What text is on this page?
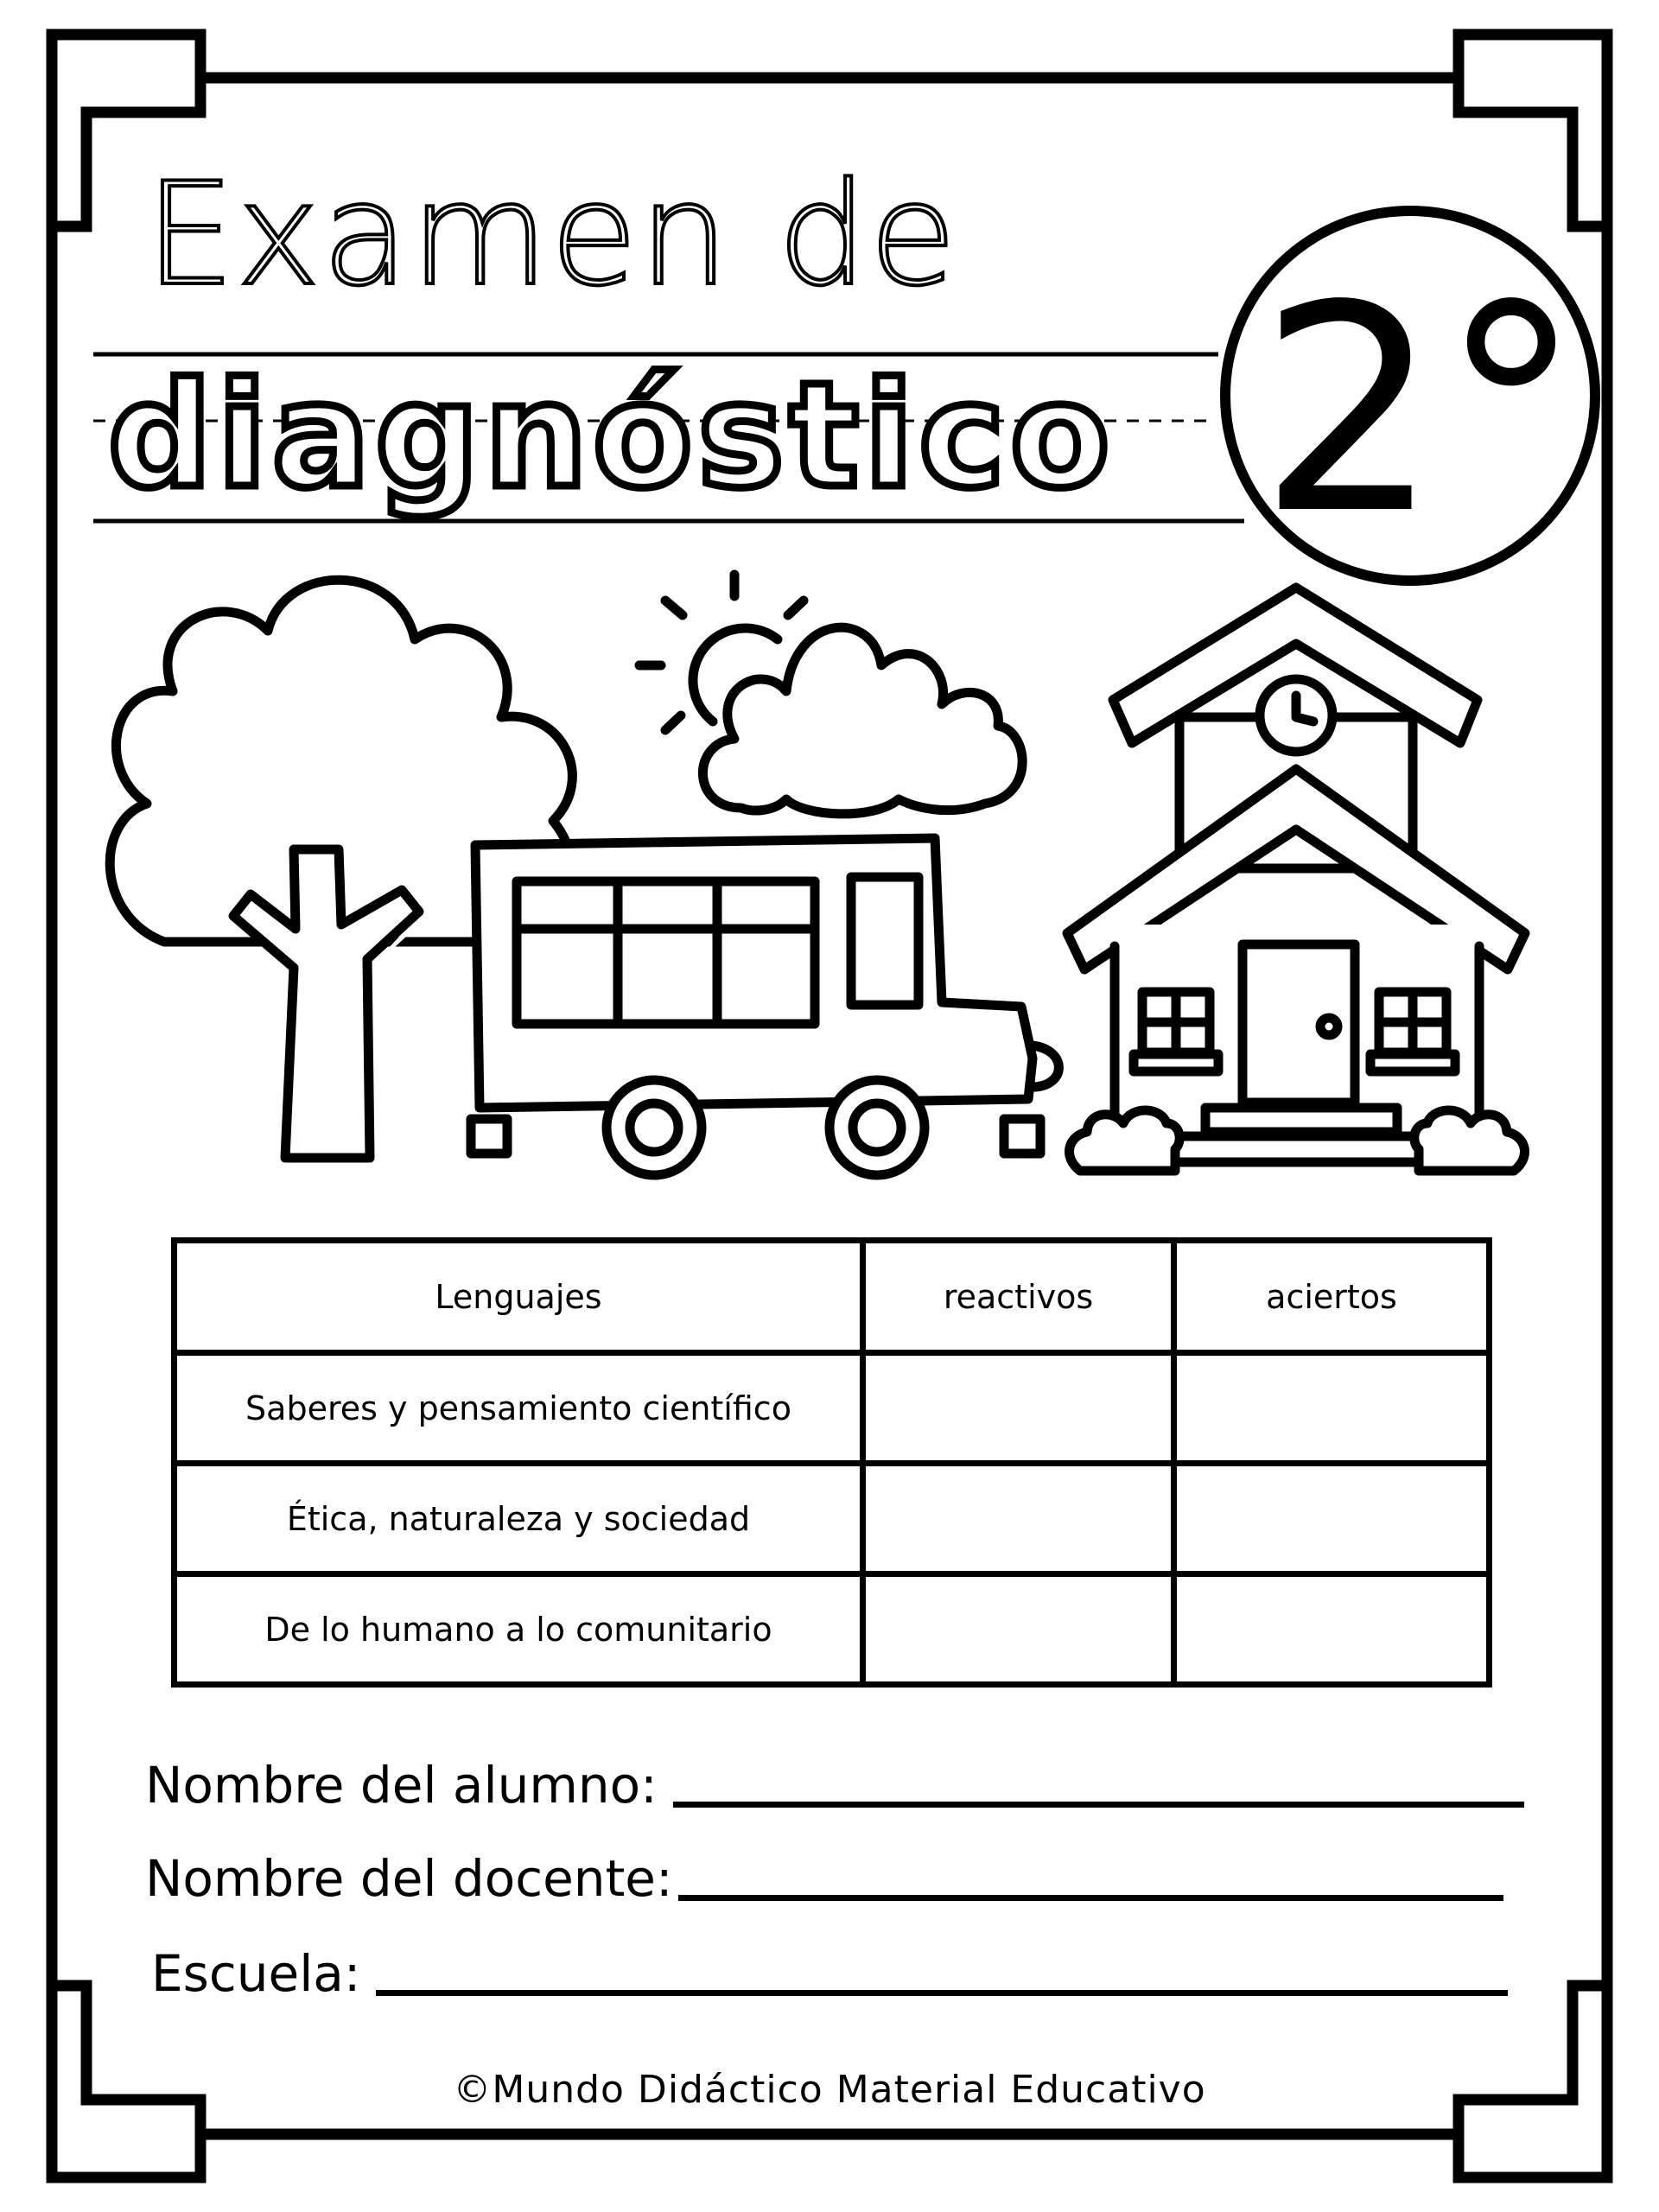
Examen de
diagnóstico 2°
Lenguajes	reactivos	aciertos
Saberes y pensamiento científico		
Ética, naturaleza y sociedad		
De lo humano a lo comunitario		
Nombre del alumno:
Nombre del docente:
Escuela:
©Mundo Didáctico Material Educativo
